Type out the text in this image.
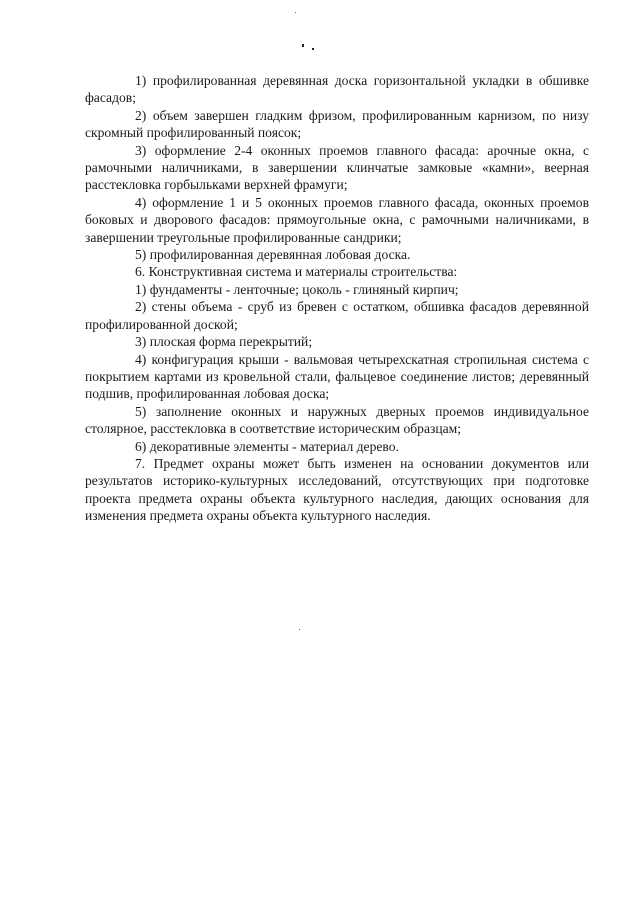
1) профилированная деревянная доска горизонтальной укладки в обшивке фасадов;

2) объем завершен гладким фризом, профилированным карнизом, по низу скромный профилированный поясок;

3) оформление 2-4 оконных проемов главного фасада: арочные окна, с рамочными наличниками, в завершении клинчатые замковые «камни», веерная расстекловка горбыльками верхней фрамуги;

4) оформление 1 и 5 оконных проемов главного фасада, оконных проемов боковых и дворового фасадов: прямоугольные окна, с рамочными наличниками, в завершении треугольные профилированные сандрики;

5) профилированная деревянная лобовая доска.

6. Конструктивная система и материалы строительства:

1) фундаменты - ленточные; цоколь - глиняный кирпич;

2) стены объема - сруб из бревен с остатком, обшивка фасадов деревянной профилированной доской;

3) плоская форма перекрытий;

4) конфигурация крыши - вальмовая четырехскатная стропильная система с покрытием картами из кровельной стали, фальцевое соединение листов; деревянный подшив, профилированная лобовая доска;

5) заполнение оконных и наружных дверных проемов индивидуальное столярное, расстекловка в соответствие историческим образцам;

6) декоративные элементы - материал дерево.

7. Предмет охраны может быть изменен на основании документов или результатов историко-культурных исследований, отсутствующих при подготовке проекта предмета охраны объекта культурного наследия, дающих основания для изменения предмета охраны объекта культурного наследия.
